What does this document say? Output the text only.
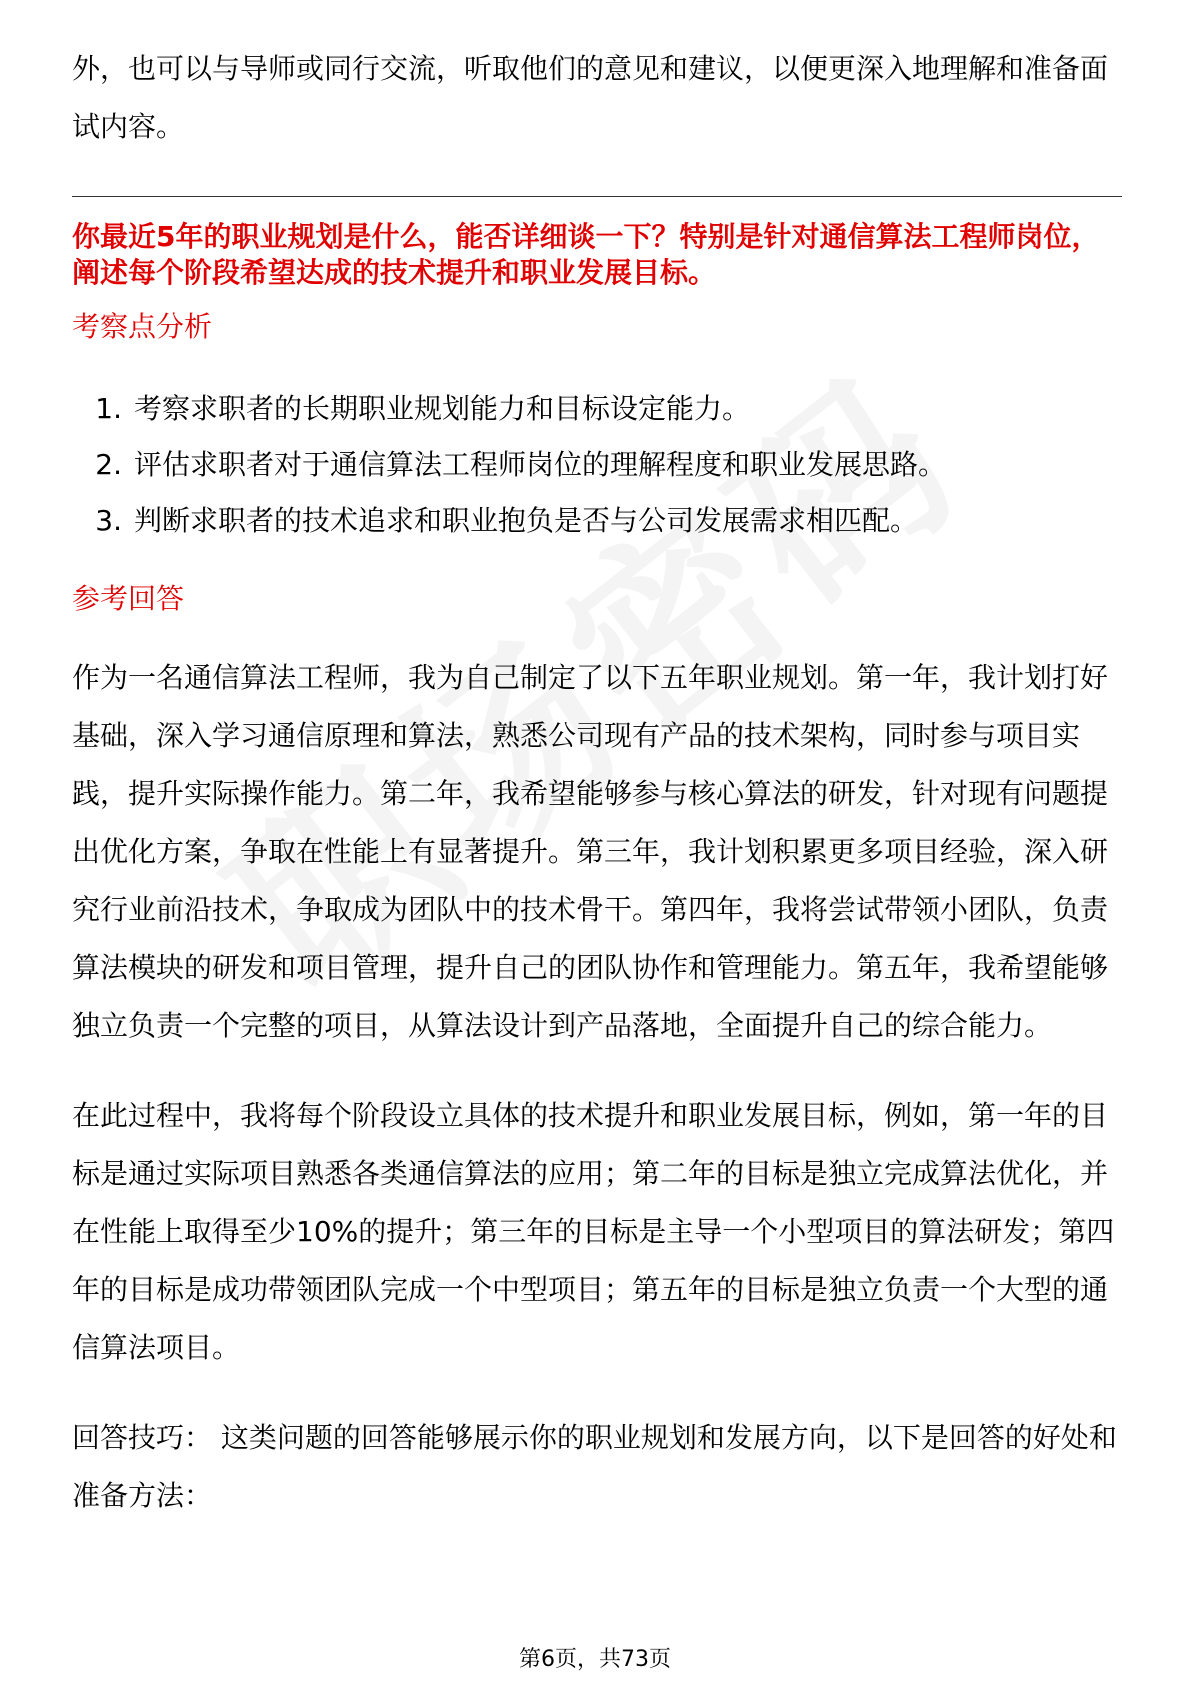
外，也可以与导师或同行交流，听取他们的意见和建议，以便更深入地理解和准备面试内容。

你最近5年的职业规划是什么，能否详细谈一下？特别是针对通信算法工程师岗位，阐述每个阶段希望达成的技术提升和职业发展目标。

考察点分析

1. 考察求职者的长期职业规划能力和目标设定能力。
2. 评估求职者对于通信算法工程师岗位的理解程度和职业发展思路。
3. 判断求职者的技术追求和职业抱负是否与公司发展需求相匹配。

参考回答

作为一名通信算法工程师，我为自己制定了以下五年职业规划。第一年，我计划打好基础，深入学习通信原理和算法，熟悉公司现有产品的技术架构，同时参与项目实践，提升实际操作能力。第二年，我希望能够参与核心算法的研发，针对现有问题提出优化方案，争取在性能上有显著提升。第三年，我计划积累更多项目经验，深入研究行业前沿技术，争取成为团队中的技术骨干。第四年，我将尝试带领小团队，负责算法模块的研发和项目管理，提升自己的团队协作和管理能力。第五年，我希望能够独立负责一个完整的项目，从算法设计到产品落地，全面提升自己的综合能力。

在此过程中，我将每个阶段设立具体的技术提升和职业发展目标，例如，第一年的目标是通过实际项目熟悉各类通信算法的应用；第二年的目标是独立完成算法优化，并在性能上取得至少10%的提升；第三年的目标是主导一个小型项目的算法研发；第四年的目标是成功带领团队完成一个中型项目；第五年的目标是独立负责一个大型的通信算法项目。

回答技巧： 这类问题的回答能够展示你的职业规划和发展方向，以下是回答的好处和准备方法：

第6页，共73页
